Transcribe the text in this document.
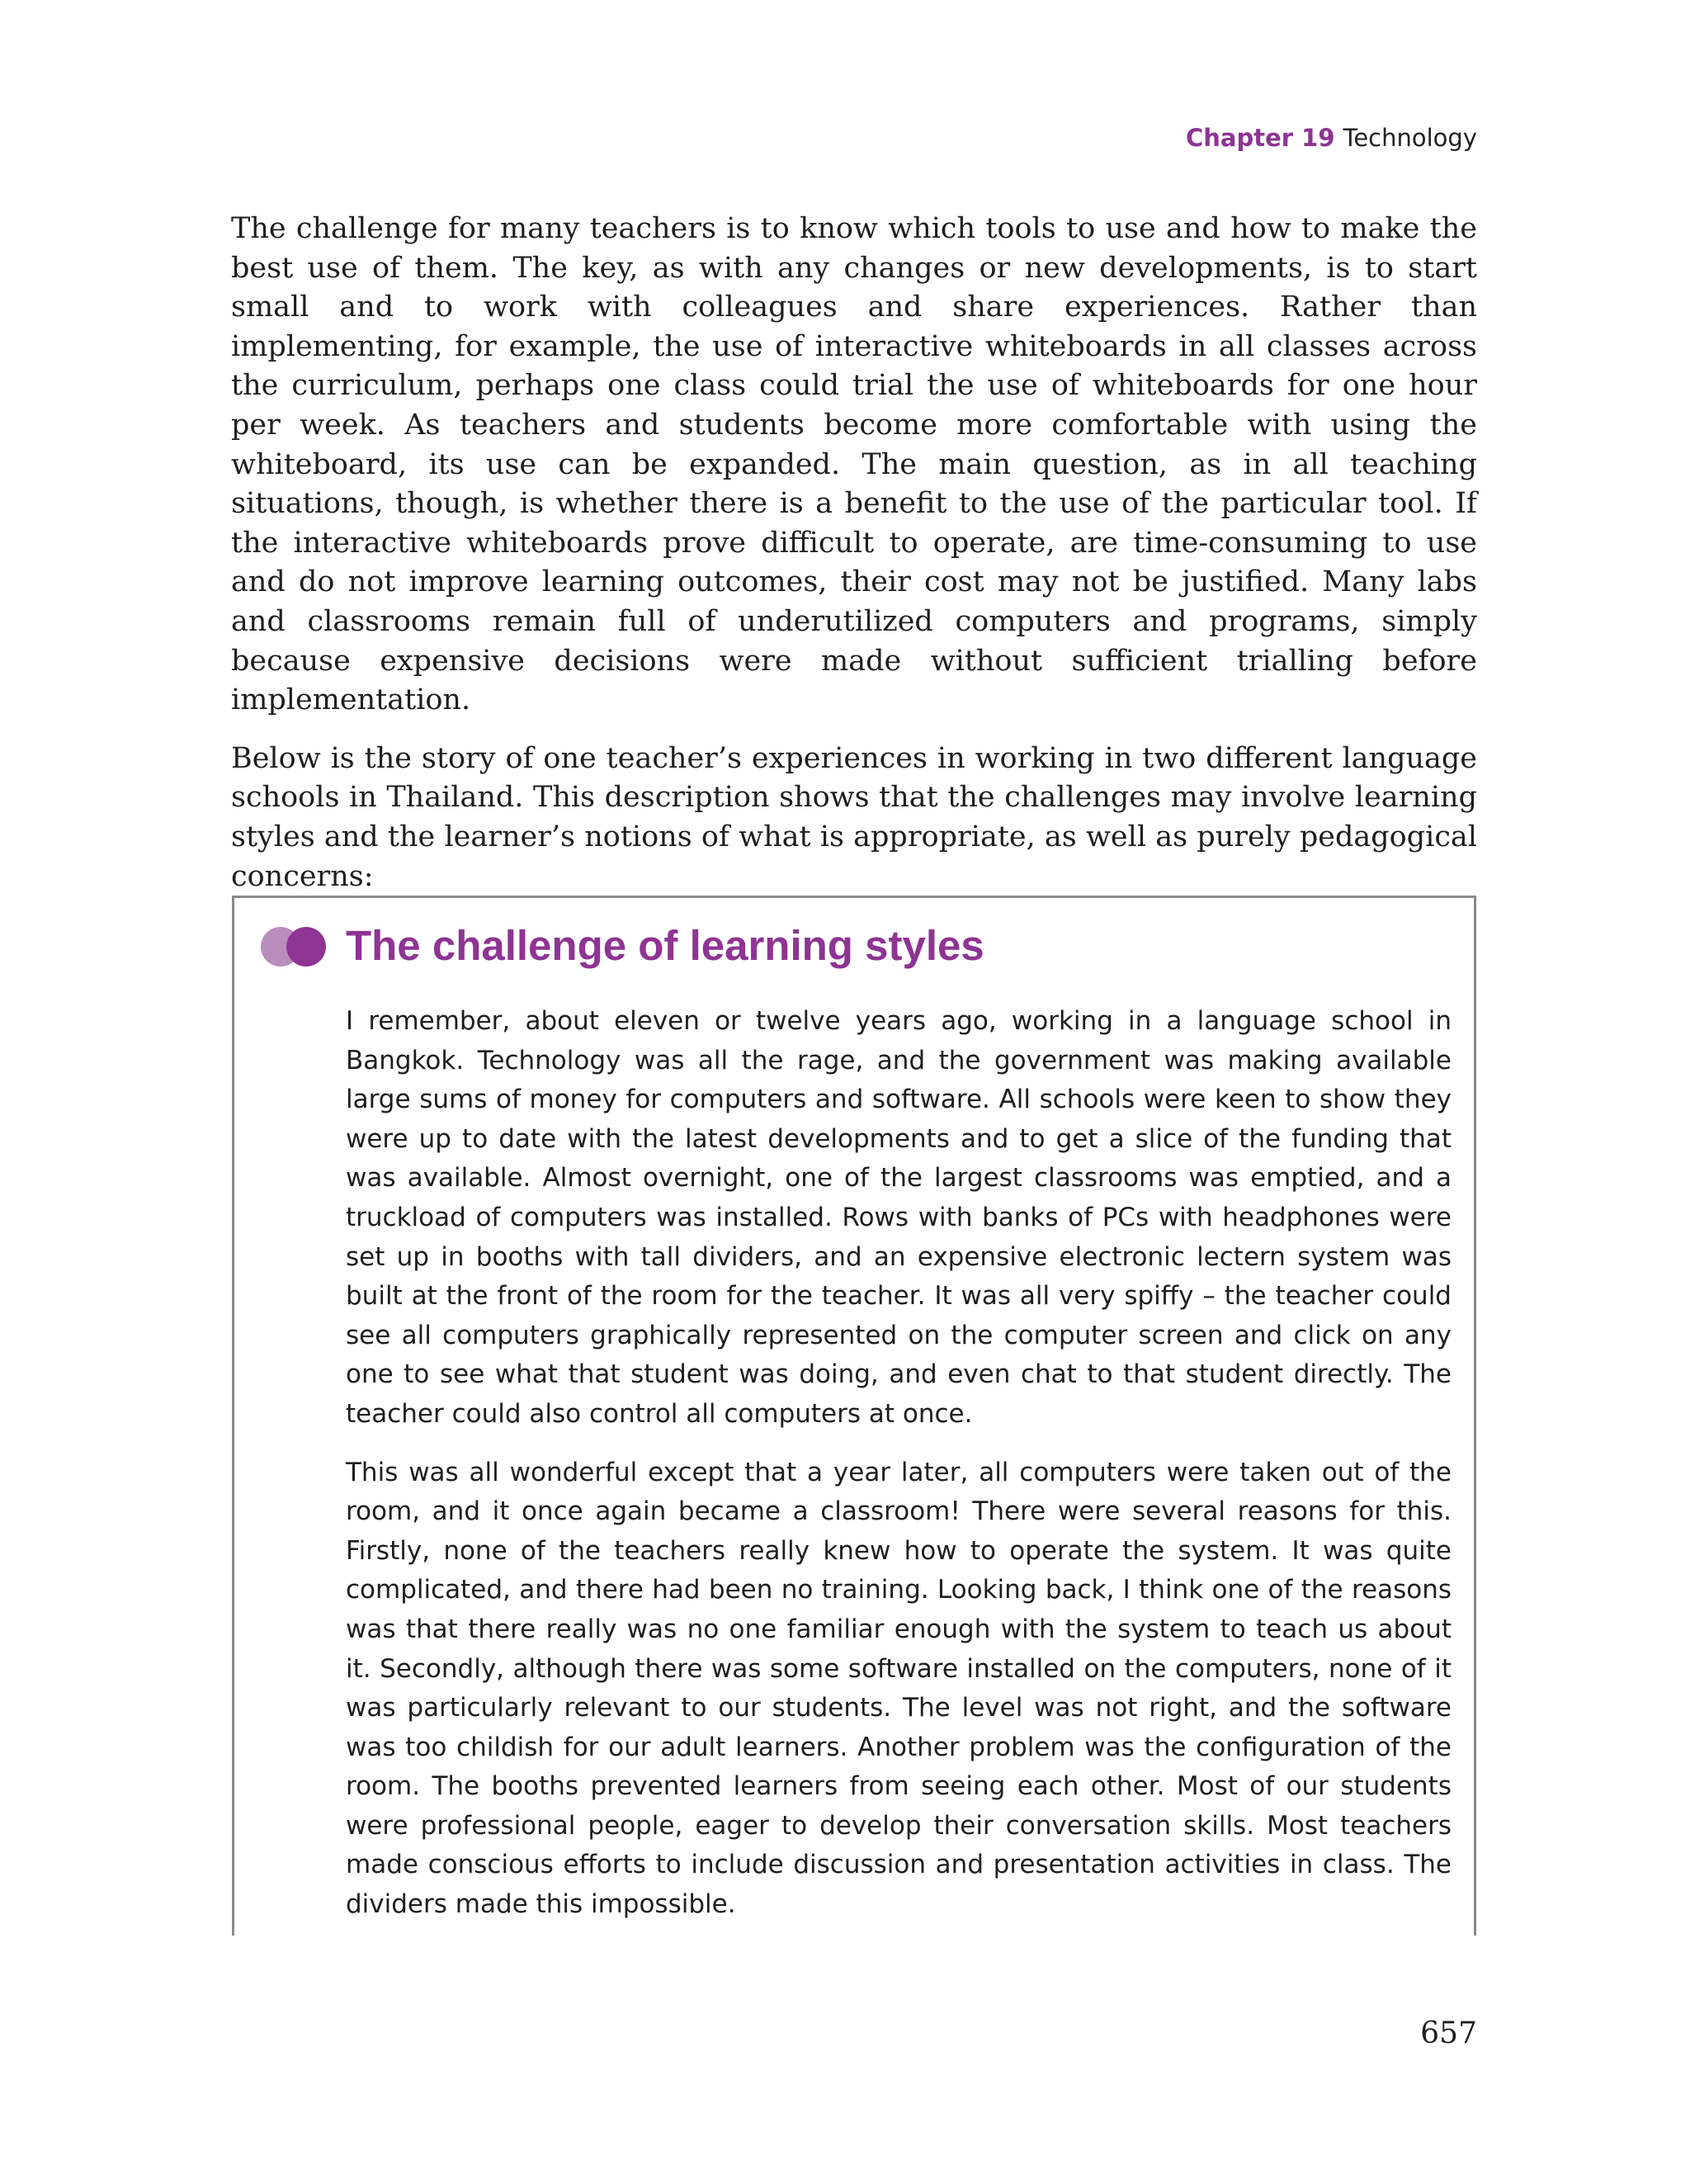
Chapter 19 Technology

The challenge for many teachers is to know which tools to use and how to make the best use of them. The key, as with any changes or new developments, is to start small and to work with colleagues and share experiences. Rather than implementing, for example, the use of interactive whiteboards in all classes across the curriculum, perhaps one class could trial the use of whiteboards for one hour per week. As teachers and students become more comfortable with using the whiteboard, its use can be expanded. The main question, as in all teaching situations, though, is whether there is a benefit to the use of the particular tool. If the interactive whiteboards prove difficult to operate, are time-consuming to use and do not improve learning outcomes, their cost may not be justified. Many labs and classrooms remain full of underutilized computers and programs, simply because expensive decisions were made without sufficient trialling before implementation.

Below is the story of one teacher’s experiences in working in two different language schools in Thailand. This description shows that the challenges may involve learning styles and the learner’s notions of what is appropriate, as well as purely pedagogical concerns:

The challenge of learning styles

I remember, about eleven or twelve years ago, working in a language school in Bangkok. Technology was all the rage, and the government was making available large sums of money for computers and software. All schools were keen to show they were up to date with the latest developments and to get a slice of the funding that was available. Almost overnight, one of the largest classrooms was emptied, and a truckload of computers was installed. Rows with banks of PCs with headphones were set up in booths with tall dividers, and an expensive electronic lectern system was built at the front of the room for the teacher. It was all very spiffy – the teacher could see all computers graphically represented on the computer screen and click on any one to see what that student was doing, and even chat to that student directly. The teacher could also control all computers at once.

This was all wonderful except that a year later, all computers were taken out of the room, and it once again became a classroom! There were several reasons for this. Firstly, none of the teachers really knew how to operate the system. It was quite complicated, and there had been no training. Looking back, I think one of the reasons was that there really was no one familiar enough with the system to teach us about it. Secondly, although there was some software installed on the computers, none of it was particularly relevant to our students. The level was not right, and the software was too childish for our adult learners. Another problem was the configuration of the room. The booths prevented learners from seeing each other. Most of our students were professional people, eager to develop their conversation skills. Most teachers made conscious efforts to include discussion and presentation activities in class. The dividers made this impossible.

657
